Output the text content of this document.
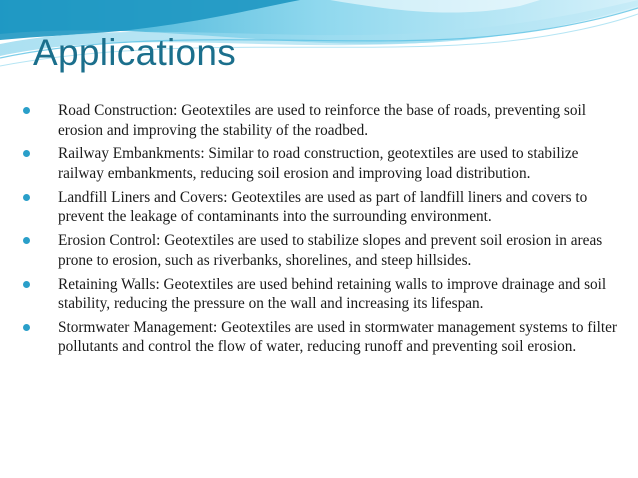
Applications
Road Construction: Geotextiles are used to reinforce the base of roads, preventing soil erosion and improving the stability of the roadbed.
Railway Embankments: Similar to road construction, geotextiles are used to stabilize railway embankments, reducing soil erosion and improving load distribution.
Landfill Liners and Covers: Geotextiles are used as part of landfill liners and covers to prevent the leakage of contaminants into the surrounding environment.
Erosion Control: Geotextiles are used to stabilize slopes and prevent soil erosion in areas prone to erosion, such as riverbanks, shorelines, and steep hillsides.
Retaining Walls: Geotextiles are used behind retaining walls to improve drainage and soil stability, reducing the pressure on the wall and increasing its lifespan.
Stormwater Management: Geotextiles are used in stormwater management systems to filter pollutants and control the flow of water, reducing runoff and preventing soil erosion.
